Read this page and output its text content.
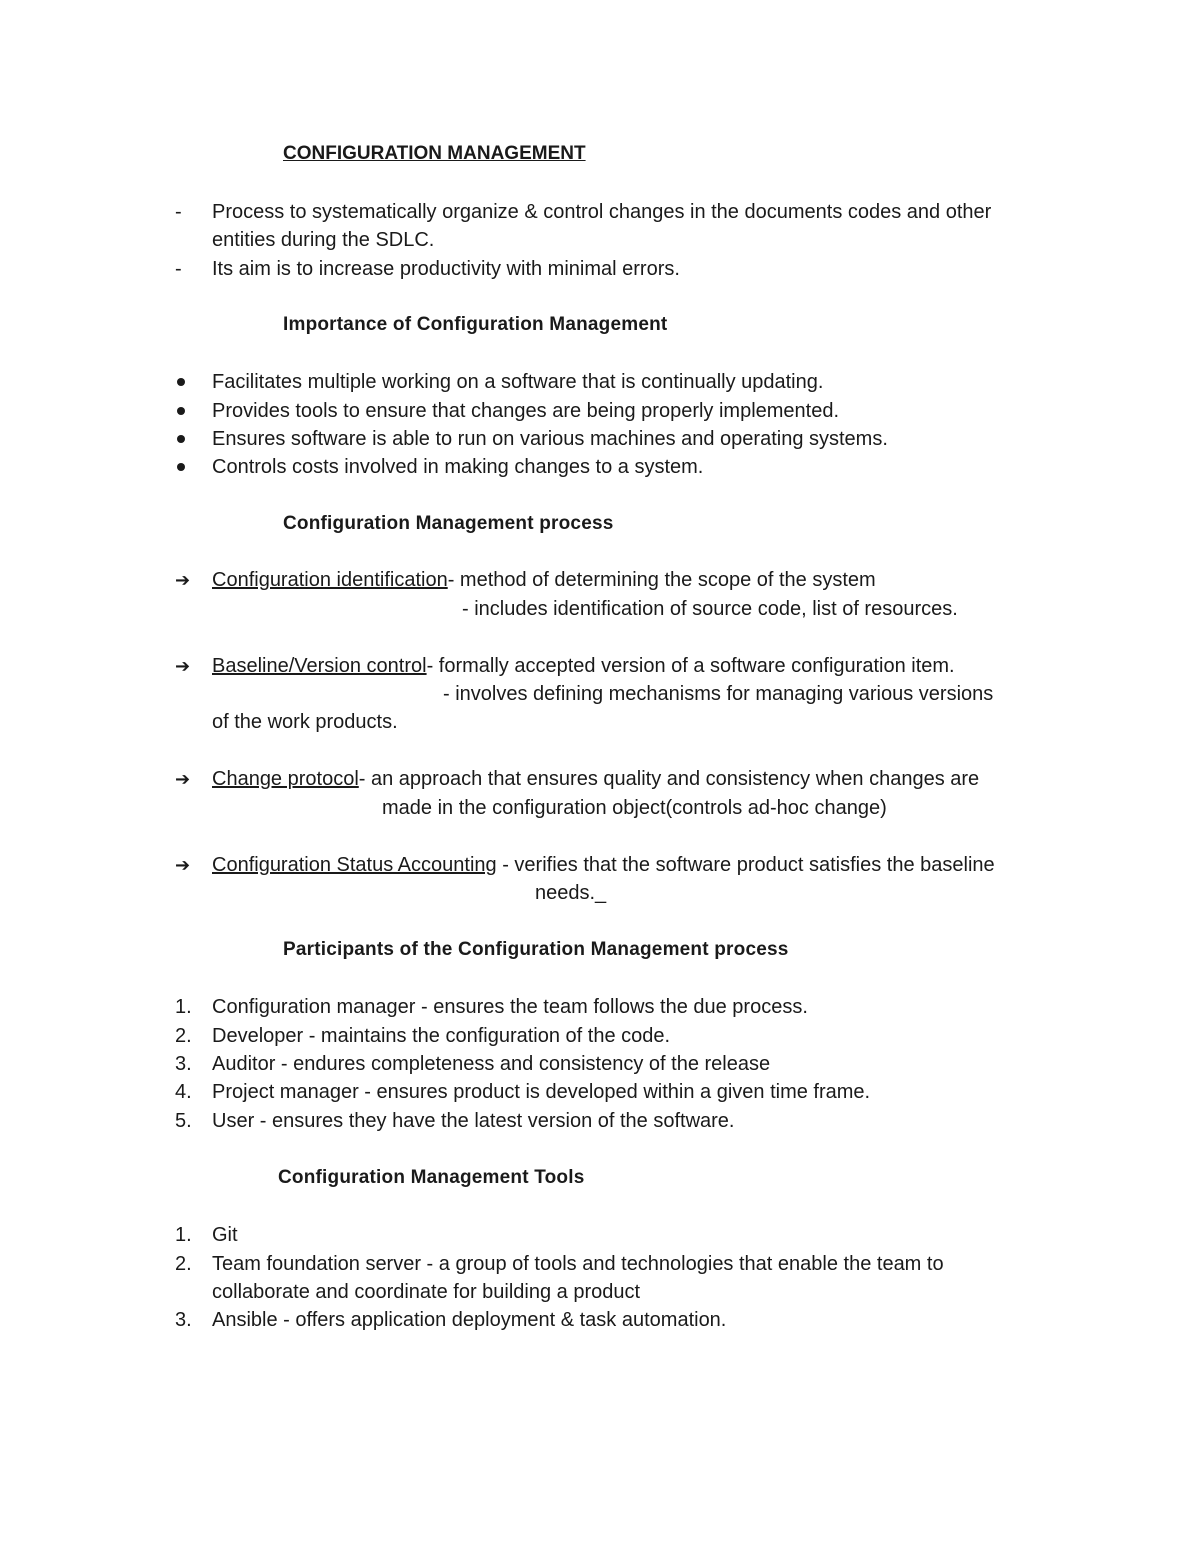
CONFIGURATION MANAGEMENT
- Process to systematically organize & control changes in the documents codes and other
entities during the SDLC.
- Its aim is to increase productivity with minimal errors.
Importance of Configuration Management
Facilitates multiple working on a software that is continually updating.
Provides tools to ensure that changes are being properly implemented.
Ensures software is able to run on various machines and operating systems.
Controls costs involved in making changes to a system.
Configuration Management process
➔ Configuration identification- method of determining the scope of the system
- includes identification of source code, list of resources.
➔ Baseline/Version control- formally accepted version of a software configuration item.
- involves defining mechanisms for managing various versions
of the work products.
➔ Change protocol- an approach that ensures quality and consistency when changes are
made in the configuration object(controls ad-hoc change)
➔ Configuration Status Accounting - verifies that the software product satisfies the baseline
needs._
Participants of the Configuration Management process
1. Configuration manager - ensures the team follows the due process.
2. Developer - maintains the configuration of the code.
3. Auditor - endures completeness and consistency of the release
4. Project manager - ensures product is developed within a given time frame.
5. User - ensures they have the latest version of the software.
Configuration Management Tools
1. Git
2. Team foundation server - a group of tools and technologies that enable the team to
collaborate and coordinate for building a product
3. Ansible - offers application deployment & task automation.
